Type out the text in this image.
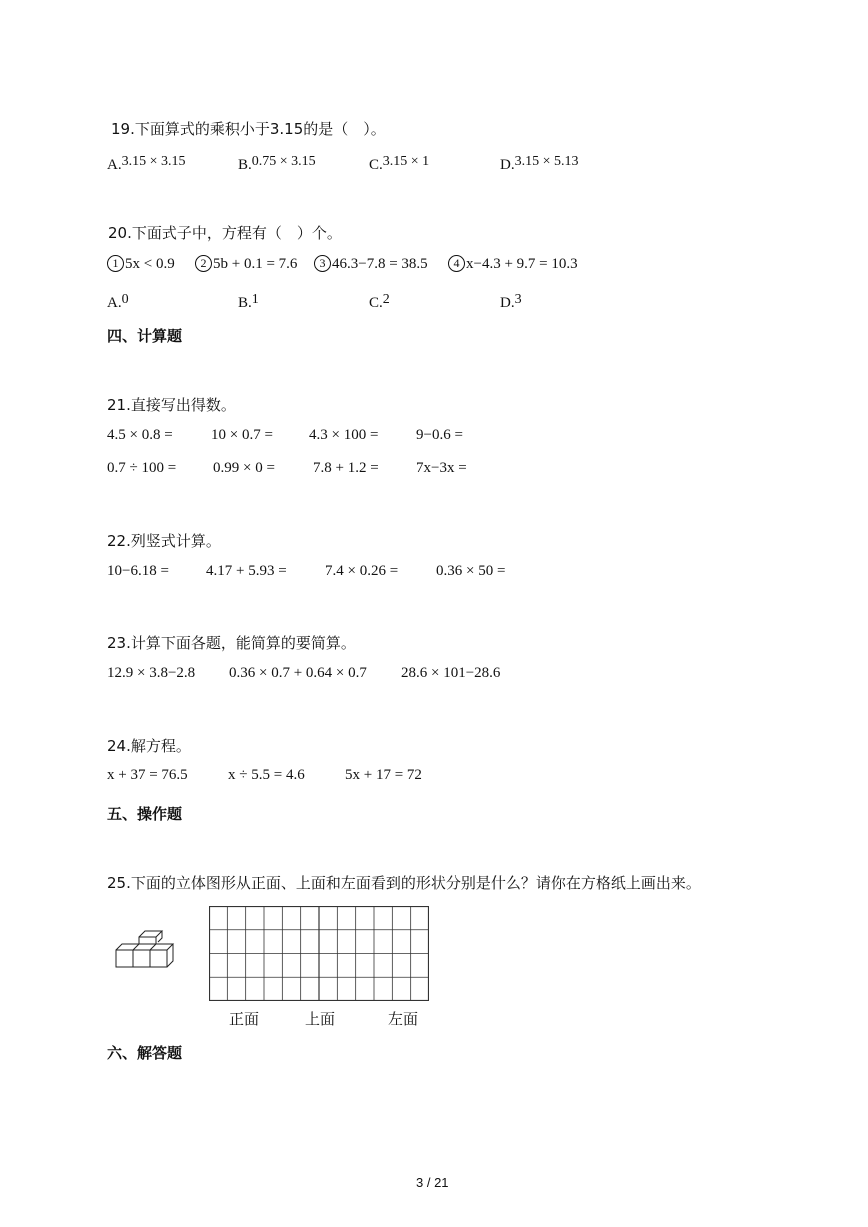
19.下面算式的乘积小于3.15的是（　）。
A.3.15 × 3.15	B.0.75 × 3.15	C.3.15 × 1	D.3.15 × 5.13
20.下面式子中，方程有（　）个。
1 5x < 0.9	2 5b + 0.1 = 7.6	3 46.3−7.8 = 38.5	4 x−4.3 + 9.7 = 10.3
A.0	B.1	C.2	D.3
四、计算题
21.直接写出得数。
4.5 × 0.8 =	10 × 0.7 = 4.3 × 100 =	9−0.6 =
0.7 ÷ 100 = 0.99 × 0 =	7.8 + 1.2 = 7x−3x =
22.列竖式计算。
10−6.18 = 4.17 + 5.93 =	7.4 × 0.26 =	0.36 × 50 =
23.计算下面各题，能简算的要简算。
12.9 × 3.8−2.8 0.36 × 0.7 + 0.64 × 0.7 28.6 × 101−28.6
24.解方程。
x + 37 = 76.5	x ÷ 5.5 = 4.6	5x + 17 = 72
五、操作题
25.下面的立体图形从正面、上面和左面看到的形状分别是什么？请你在方格纸上画出来。
正面	上面	左面
六、解答题
3 / 21
